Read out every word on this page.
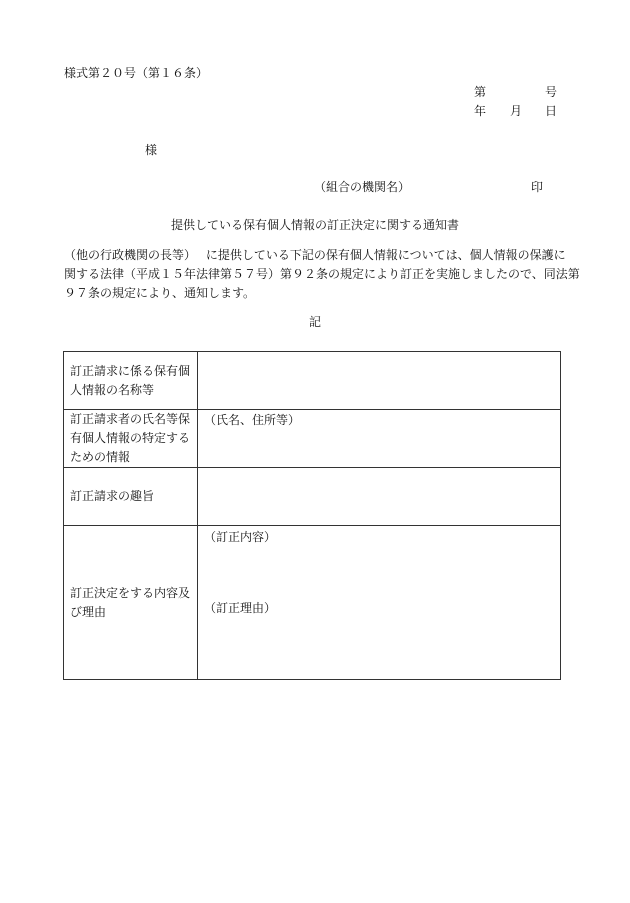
様式第２０号（第１６条）
第	号
年 月 日
様
（組合の機関名）	印
提供している保有個人情報の訂正決定に関する通知書
（他の行政機関の長等）　 に提供している下記の保有個人情報については、個人情報の保護に
関する法律（平成１５年法律第５７号）第９２条の規定により訂正を実施しましたので、同法第
９７条の規定により、通知します。
記
訂正請求に係る保有個
人情報の名称等	

訂正請求者の氏名等保
有個人情報の特定する
ための情報	（氏名、住所等）

訂正請求の趣旨	

訂正決定をする内容及
び理由	（訂正内容）
（訂正理由）
